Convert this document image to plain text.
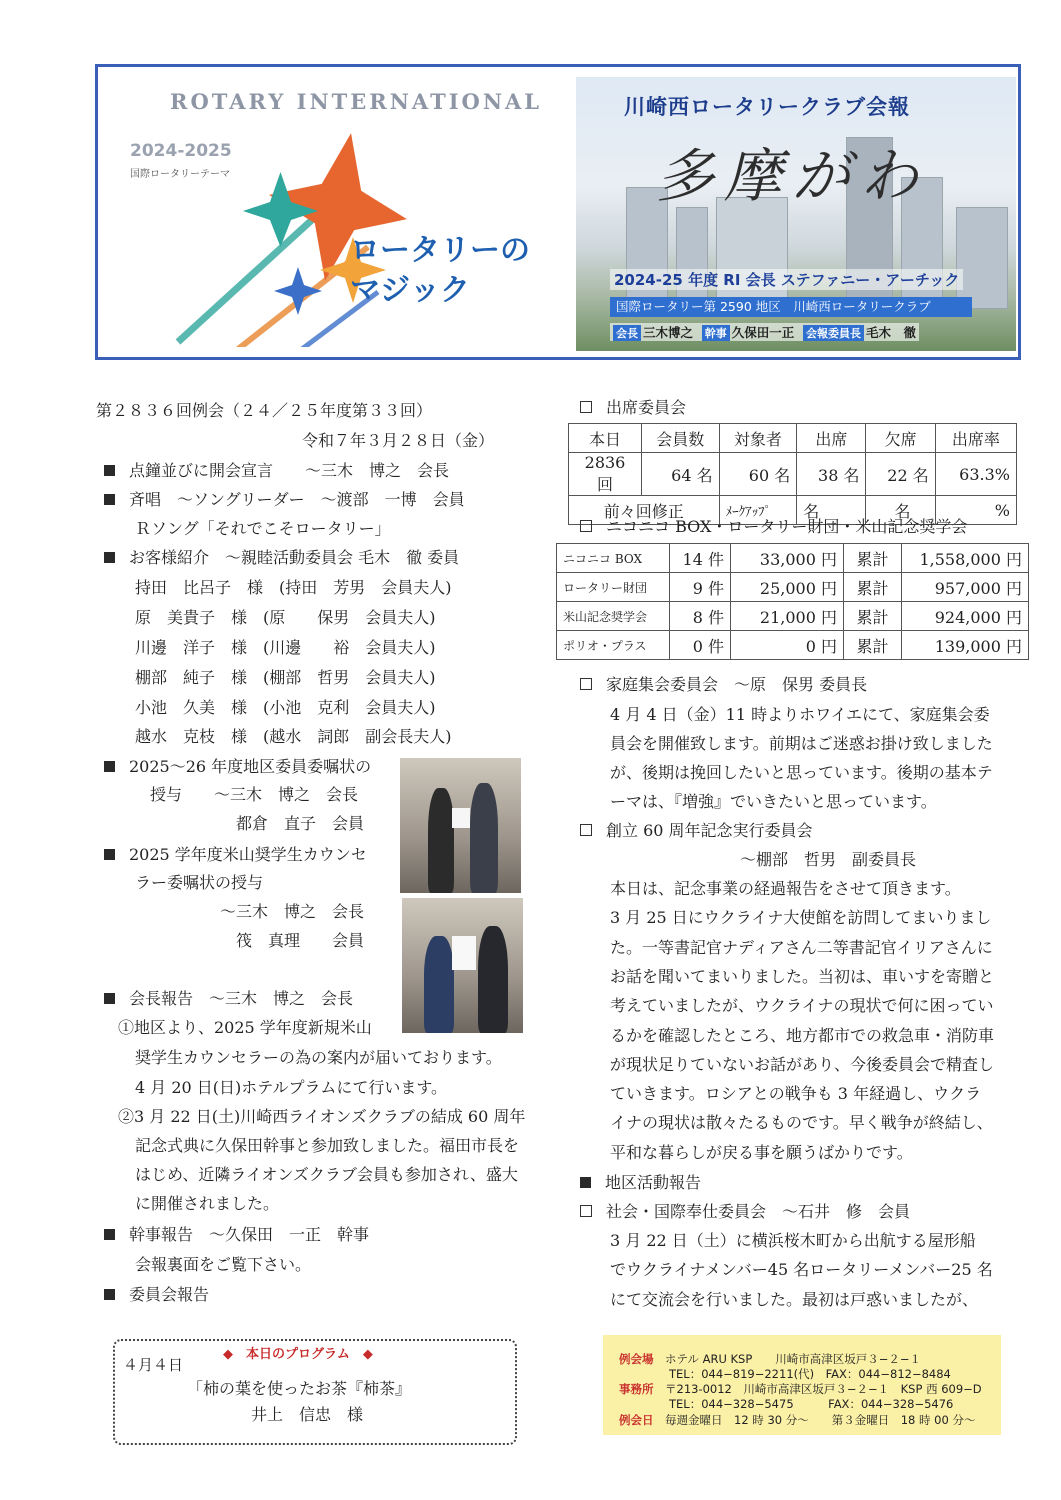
ROTARY INTERNATIONAL
2024-2025
国際ロータリーテーマ
ロータリーの
マジック
川崎西ロータリークラブ会報
多摩がわ
2024-25 年度 RI 会長 ステファニー・アーチック
国際ロータリー第 2590 地区　川崎西ロータリークラブ
会長 三木博之 幹事 久保田一正 会報委員長 毛木　徹
第２８３６回例会（２４／２５年度第３３回）
令和７年３月２８日（金）
点鐘並びに開会宣言　　〜三木　博之　会長
斉唱　〜ソングリーダー　〜渡部　一博　会員
Ｒソング「それでこそロータリー」
お客様紹介　〜親睦活動委員会 毛木　徹 委員
持田　比呂子　様　(持田　芳男　会員夫人)
原　美貴子　様　(原　　保男　会員夫人)
川邊　洋子　様　(川邊　　裕　会員夫人)
棚部　純子　様　(棚部　哲男　会員夫人)
小池　久美　様　(小池　克利　会員夫人)
越水　克枝　様　(越水　詞郎　副会長夫人)
2025〜26 年度地区委員委嘱状の
授与　　〜三木　博之　会長
都倉　直子　会員
2025 学年度米山奨学生カウンセ
ラー委嘱状の授与
〜三木　博之　会長
筏　真理　　会員
会長報告　〜三木　博之　会長
①地区より、2025 学年度新規米山
奨学生カウンセラーの為の案内が届いております。
4 月 20 日(日)ホテルプラムにて行います。
②3 月 22 日(土)川崎西ライオンズクラブの結成 60 周年
記念式典に久保田幹事と参加致しました。福田市長を
はじめ、近隣ライオンズクラブ会員も参加され、盛大
に開催されました。
幹事報告　〜久保田　一正　幹事
会報裏面をご覧下さい。
委員会報告
４月４日
◆　本日のプログラム　◆
「柿の葉を使ったお茶『柿茶』
井上　信忠　様
出席委員会
本日	会員数	対象者	出席	欠席	出席率
2836 回	64 名	60 名	38 名	22 名	63.3%
前々回修正		ﾒｰｸｱｯﾌﾟ	名	名	%
ニコニコ BOX・ロータリー財団・米山記念奨学会
ニコニコ BOX	14 件	33,000 円	累計	1,558,000 円
ロータリー財団	9 件	25,000 円	累計	957,000 円
米山記念奨学会	8 件	21,000 円	累計	924,000 円
ポリオ・プラス	0 件	0 円	累計	139,000 円
家庭集会委員会　〜原　保男 委員長
4 月 4 日（金）11 時よりホワイエにて、家庭集会委
員会を開催致します。前期はご迷惑お掛け致しました
が、後期は挽回したいと思っています。後期の基本テ
ーマは、『増強』でいきたいと思っています。
創立 60 周年記念実行委員会
〜棚部　哲男　副委員長
本日は、記念事業の経過報告をさせて頂きます。
3 月 25 日にウクライナ大使館を訪問してまいりまし
た。一等書記官ナディアさん二等書記官イリアさんに
お話を聞いてまいりました。当初は、車いすを寄贈と
考えていましたが、ウクライナの現状で何に困ってい
るかを確認したところ、地方都市での救急車・消防車
が現状足りていないお話があり、今後委員会で精査し
ていきます。ロシアとの戦争も 3 年経過し、ウクラ
イナの現状は散々たるものです。早く戦争が終結し、
平和な暮らしが戻る事を願うばかりです。
地区活動報告
社会・国際奉仕委員会　〜石井　修　会員
3 月 22 日（土）に横浜桜木町から出航する屋形船
でウクライナメンバー45 名ロータリーメンバー25 名
にて交流会を行いました。最初は戸惑いましたが、
例会場　 ホテル ARU KSP　　川崎市高津区坂戸３−２−１
TEL：044−819−2211(代)　FAX：044−812−8484
事務所　 〒213-0012　川崎市高津区坂戸３−２−１　KSP 西 609−D
TEL：044−328−5475　　　FAX：044−328−5476
例会日　 毎週金曜日　12 時 30 分〜　　第３金曜日　18 時 00 分〜
